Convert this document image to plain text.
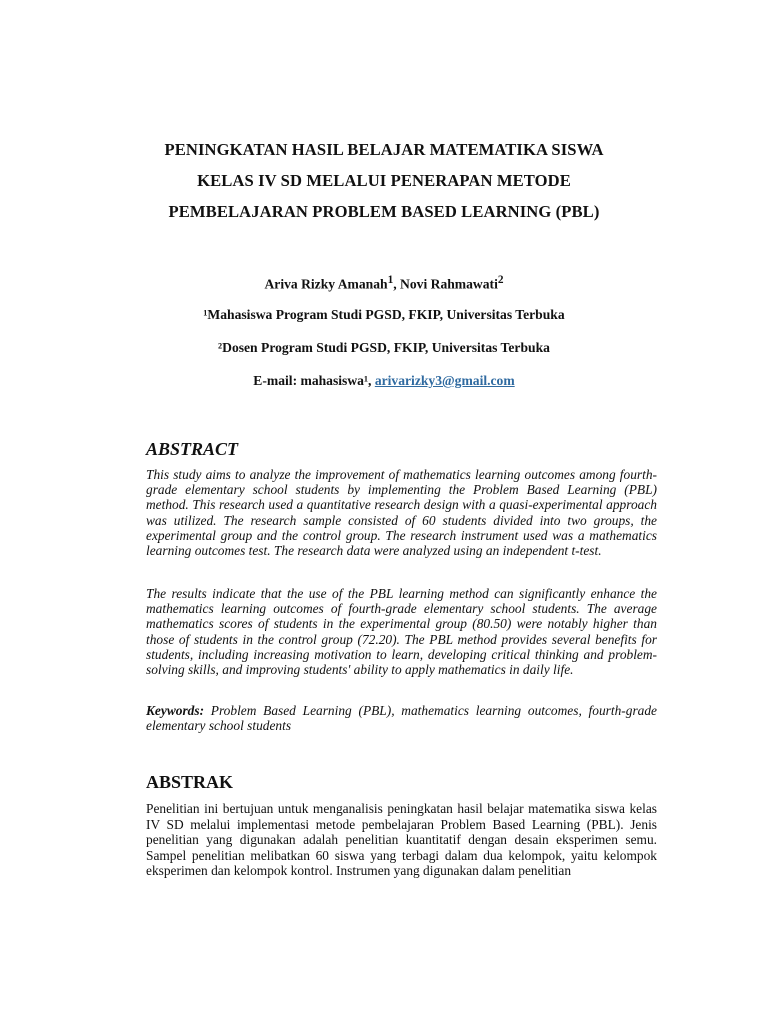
PENINGKATAN HASIL BELAJAR MATEMATIKA SISWA
KELAS IV SD MELALUI PENERAPAN METODE
PEMBELAJARAN PROBLEM BASED LEARNING (PBL)
Ariva Rizky Amanah$^1$, Novi Rahmawati$^2$
¹Mahasiswa Program Studi PGSD, FKIP, Universitas Terbuka
²Dosen Program Studi PGSD, FKIP, Universitas Terbuka
E-mail: mahasiswa¹, arivarizky3@gmail.com
ABSTRACT

This study aims to analyze the improvement of mathematics learning outcomes among fourth-grade elementary school students by implementing the Problem Based Learning (PBL) method. This research used a quantitative research design with a quasi-experimental approach was utilized. The research sample consisted of 60 students divided into two groups, the experimental group and the control group. The research instrument used was a mathematics learning outcomes test. The research data were analyzed using an independent t-test.

The results indicate that the use of the PBL learning method can significantly enhance the mathematics learning outcomes of fourth-grade elementary school students. The average mathematics scores of students in the experimental group (80.50) were notably higher than those of students in the control group (72.20). The PBL method provides several benefits for students, including increasing motivation to learn, developing critical thinking and problem-solving skills, and improving students' ability to apply mathematics in daily life.

Keywords: Problem Based Learning (PBL), mathematics learning outcomes, fourth-grade elementary school students

ABSTRAK

Penelitian ini bertujuan untuk menganalisis peningkatan hasil belajar matematika siswa kelas IV SD melalui implementasi metode pembelajaran Problem Based Learning (PBL). Jenis penelitian yang digunakan adalah penelitian kuantitatif dengan desain eksperimen semu. Sampel penelitian melibatkan 60 siswa yang terbagi dalam dua kelompok, yaitu kelompok eksperimen dan kelompok kontrol. Instrumen yang digunakan dalam penelitian
